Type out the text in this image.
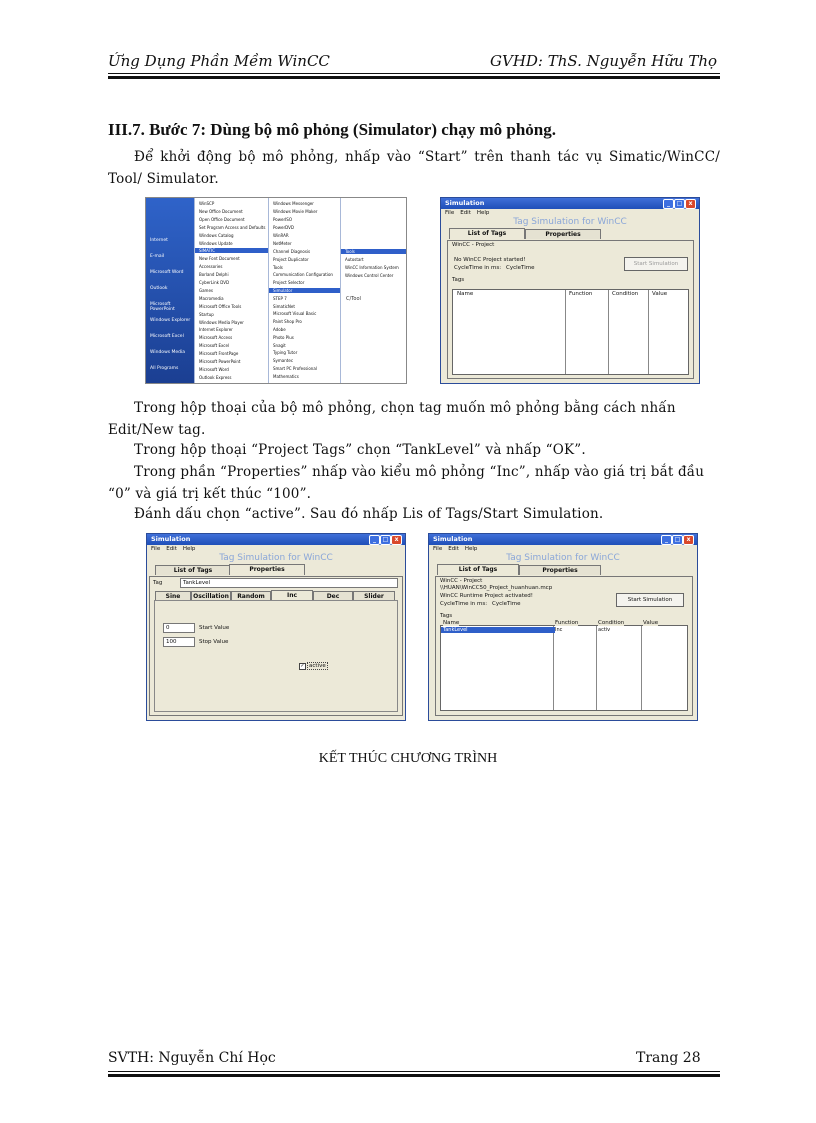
Ứng Dụng Phần Mềm WinCC	GVHD: ThS. Nguyễn Hữu Thọ
III.7. Bước 7: Dùng bộ mô phỏng (Simulator) chạy mô phỏng.
Để khởi động bộ mô phỏng, nhấp vào “Start” trên thanh tác vụ Simatic/WinCC/ Tool/ Simulator.
Internet
E-mail
Microsoft Word
Outlook
Microsoft PowerPoint
Windows Explorer
Microsoft Excel
Windows Media
All Programs
WinSCP
New Office Document
Open Office Document
Set Program Access and Defaults
Windows Catalog
Windows Update
SIMATIC
New Font Document
Accessories
Borland Delphi
CyberLink DVD
Games
Macromedia
Microsoft Office Tools
Startup
Windows Media Player
Internet Explorer
Microsoft Access
Microsoft Excel
Microsoft FrontPage
Microsoft PowerPoint
Microsoft Word
Outlook Express
Windows Messenger
Windows Movie Maker
PowerISO
PowerDVD
WinRAR
NetMeter
Channel Diagnosis
Project Duplicator
Tools
Communication Configuration
Project Selector
Simulator
STEP 7
SimaticNet
Microsoft Visual Basic
Paint Shop Pro
Adobe
Photo Plus
Snagit
Typing Tutor
Symantec
Smart PC Professional
Mathematics
Tools
Autostart
WinCC Information System
Windows Control Center
C/Tool
Simulation	_	□	x
File Edit Help
Tag Simulation for WinCC
List of Tags	Properties
WinCC - Project
No WinCC Project started!
CycleTime in ms: CycleTime
Start Simulation
Tags
Name	Function	Condition	Value
Trong hộp thoại của bộ mô phỏng, chọn tag muốn mô phỏng bằng cách nhấn Edit/New tag.
Trong hộp thoại “Project Tags” chọn “TankLevel” và nhấp “OK”.
Trong phần “Properties” nhấp vào kiểu mô phỏng “Inc”, nhấp vào giá trị bắt đầu “0” và giá trị kết thúc “100”.
Đánh dấu chọn “active”. Sau đó nhấp Lis of Tags/Start Simulation.
Simulation	_	□	x
File Edit Help
Tag Simulation for WinCC
List of Tags	Properties
Tag	TankLevel
Sine	Oscillation	Random	Inc	Dec	Slider
0	Start Value
100	Stop Value
✓ active
Simulation	_	□	x
File Edit Help
Tag Simulation for WinCC
List of Tags	Properties
WinCC - Project
\\HUAN\WinCC50_Project_huanhuan.mcp
WinCC Runtime Project activated!
CycleTime in ms: CycleTime
Start Simulation
Tags
Name	Function	Condition	Value
TankLevel	Inc	activ
KẾT THÚC CHƯƠNG TRÌNH
SVTH: Nguyễn Chí Học	Trang 28
